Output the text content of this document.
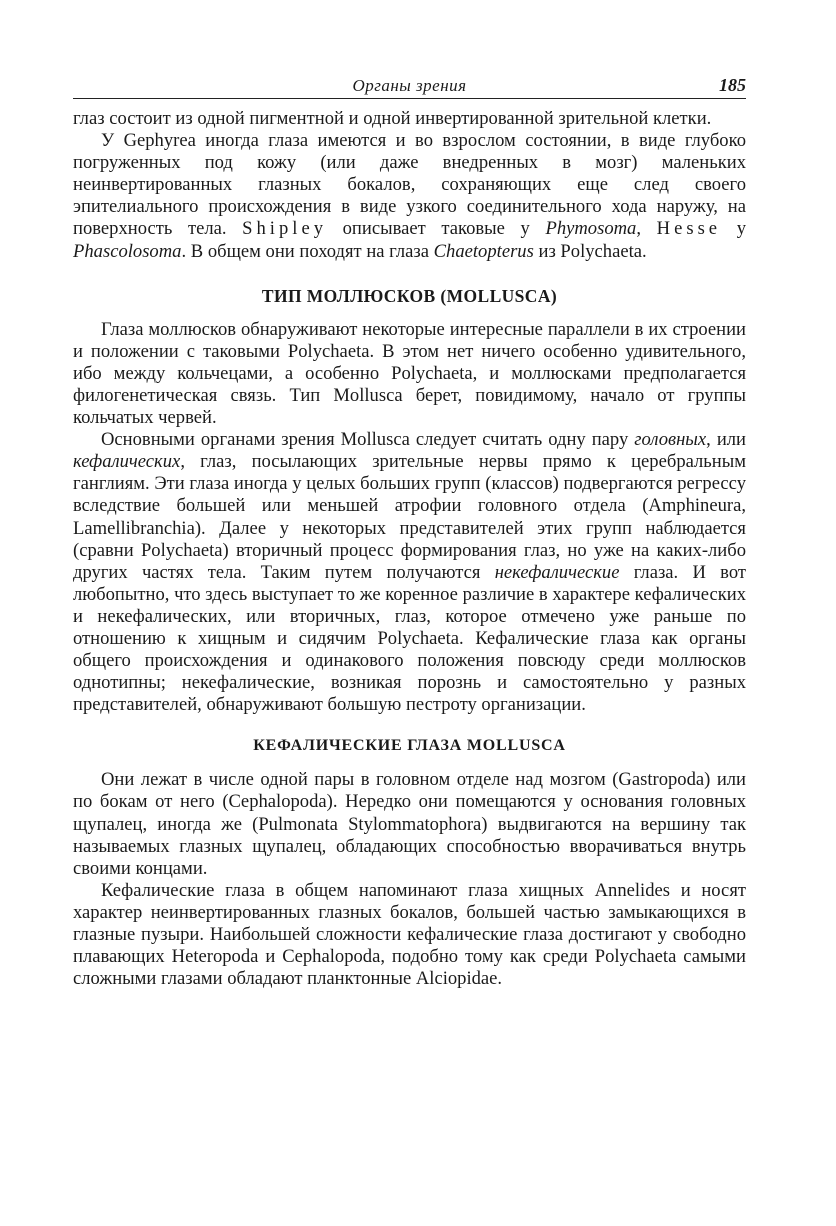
Органы зрения	185

глаз состоит из одной пигментной и одной инвертированной зрительной клетки.

У Gephyrea иногда глаза имеются и во взрослом состоянии, в виде глубоко погруженных под кожу (или даже внедренных в мозг) маленьких неинвертированных глазных бокалов, сохраняющих еще след своего эпителиального происхождения в виде узкого соединительного хода наружу, на поверхность тела. Shipley описывает таковые у Phymosoma, Hesse у Phascolosoma. В общем они походят на глаза Chaetopterus из Polychaeta.

ТИП МОЛЛЮСКОВ (MOLLUSCA)

Глаза моллюсков обнаруживают некоторые интересные параллели в их строении и положении с таковыми Polychaeta. В этом нет ничего особенно удивительного, ибо между кольчецами, а особенно Polychaeta, и моллюсками предполагается филогенетическая связь. Тип Mollusca берет, повидимому, начало от группы кольчатых червей.

Основными органами зрения Mollusca следует считать одну пару головных, или кефалических, глаз, посылающих зрительные нервы прямо к церебральным ганглиям. Эти глаза иногда у целых больших групп (классов) подвергаются регрессу вследствие большей или меньшей атрофии головного отдела (Amphineura, Lamellibranchia). Далее у некоторых представителей этих групп наблюдается (сравни Polychaeta) вторичный процесс формирования глаз, но уже на каких-либо других частях тела. Таким путем получаются некефалические глаза. И вот любопытно, что здесь выступает то же коренное различие в характере кефалических и некефалических, или вторичных, глаз, которое отмечено уже раньше по отношению к хищным и сидячим Polychaeta. Кефалические глаза как органы общего происхождения и одинакового положения повсюду среди моллюсков однотипны; некефалические, возникая порознь и самостоятельно у разных представителей, обнаруживают большую пестроту организации.

КЕФАЛИЧЕСКИЕ ГЛАЗА MOLLUSCA

Они лежат в числе одной пары в головном отделе над мозгом (Gastropoda) или по бокам от него (Cephalopoda). Нередко они помещаются у основания головных щупалец, иногда же (Pulmonata Stylommatophora) выдвигаются на вершину так называемых глазных щупалец, обладающих способностью вворачиваться внутрь своими концами.

Кефалические глаза в общем напоминают глаза хищных Annelides и носят характер неинвертированных глазных бокалов, большей частью замыкающихся в глазные пузыри. Наибольшей сложности кефалические глаза достигают у свободно плавающих Heteropoda и Cephalopoda, подобно тому как среди Polychaeta самыми сложными глазами обладают планктонные Alciopidae.
